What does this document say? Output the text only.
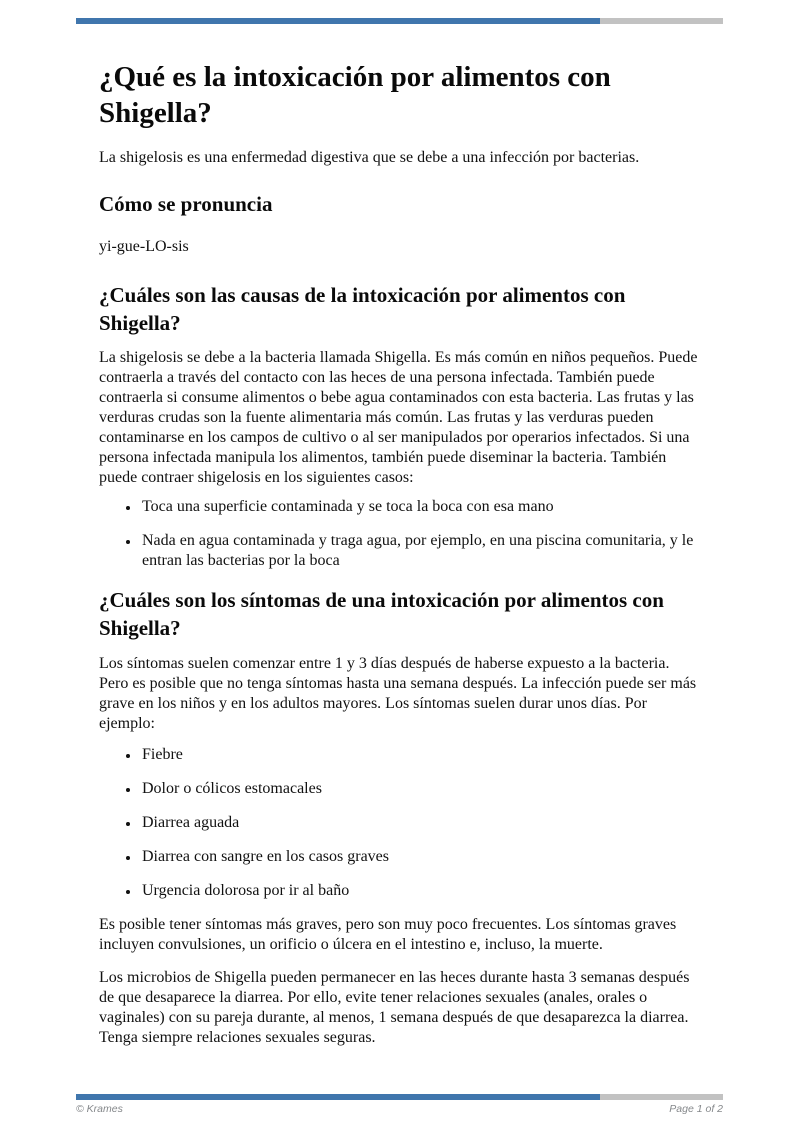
¿Qué es la intoxicación por alimentos con Shigella?

La shigelosis es una enfermedad digestiva que se debe a una infección por bacterias.

Cómo se pronuncia

yi-gue-LO-sis

¿Cuáles son las causas de la intoxicación por alimentos con Shigella?

La shigelosis se debe a la bacteria llamada Shigella. Es más común en niños pequeños. Puede contraerla a través del contacto con las heces de una persona infectada. También puede contraerla si consume alimentos o bebe agua contaminados con esta bacteria. Las frutas y las verduras crudas son la fuente alimentaria más común. Las frutas y las verduras pueden contaminarse en los campos de cultivo o al ser manipulados por operarios infectados. Si una persona infectada manipula los alimentos, también puede diseminar la bacteria. También puede contraer shigelosis en los siguientes casos:

• Toca una superficie contaminada y se toca la boca con esa mano
• Nada en agua contaminada y traga agua, por ejemplo, en una piscina comunitaria, y le entran las bacterias por la boca
¿Cuáles son los síntomas de una intoxicación por alimentos con Shigella?

Los síntomas suelen comenzar entre 1 y 3 días después de haberse expuesto a la bacteria. Pero es posible que no tenga síntomas hasta una semana después. La infección puede ser más grave en los niños y en los adultos mayores. Los síntomas suelen durar unos días. Por ejemplo:

• Fiebre
• Dolor o cólicos estomacales
• Diarrea aguada
• Diarrea con sangre en los casos graves
• Urgencia dolorosa por ir al baño

Es posible tener síntomas más graves, pero son muy poco frecuentes. Los síntomas graves incluyen convulsiones, un orificio o úlcera en el intestino e, incluso, la muerte.

Los microbios de Shigella pueden permanecer en las heces durante hasta 3 semanas después de que desaparece la diarrea. Por ello, evite tener relaciones sexuales (anales, orales o vaginales) con su pareja durante, al menos, 1 semana después de que desaparezca la diarrea. Tenga siempre relaciones sexuales seguras.

© Krames	Page 1 of 2
